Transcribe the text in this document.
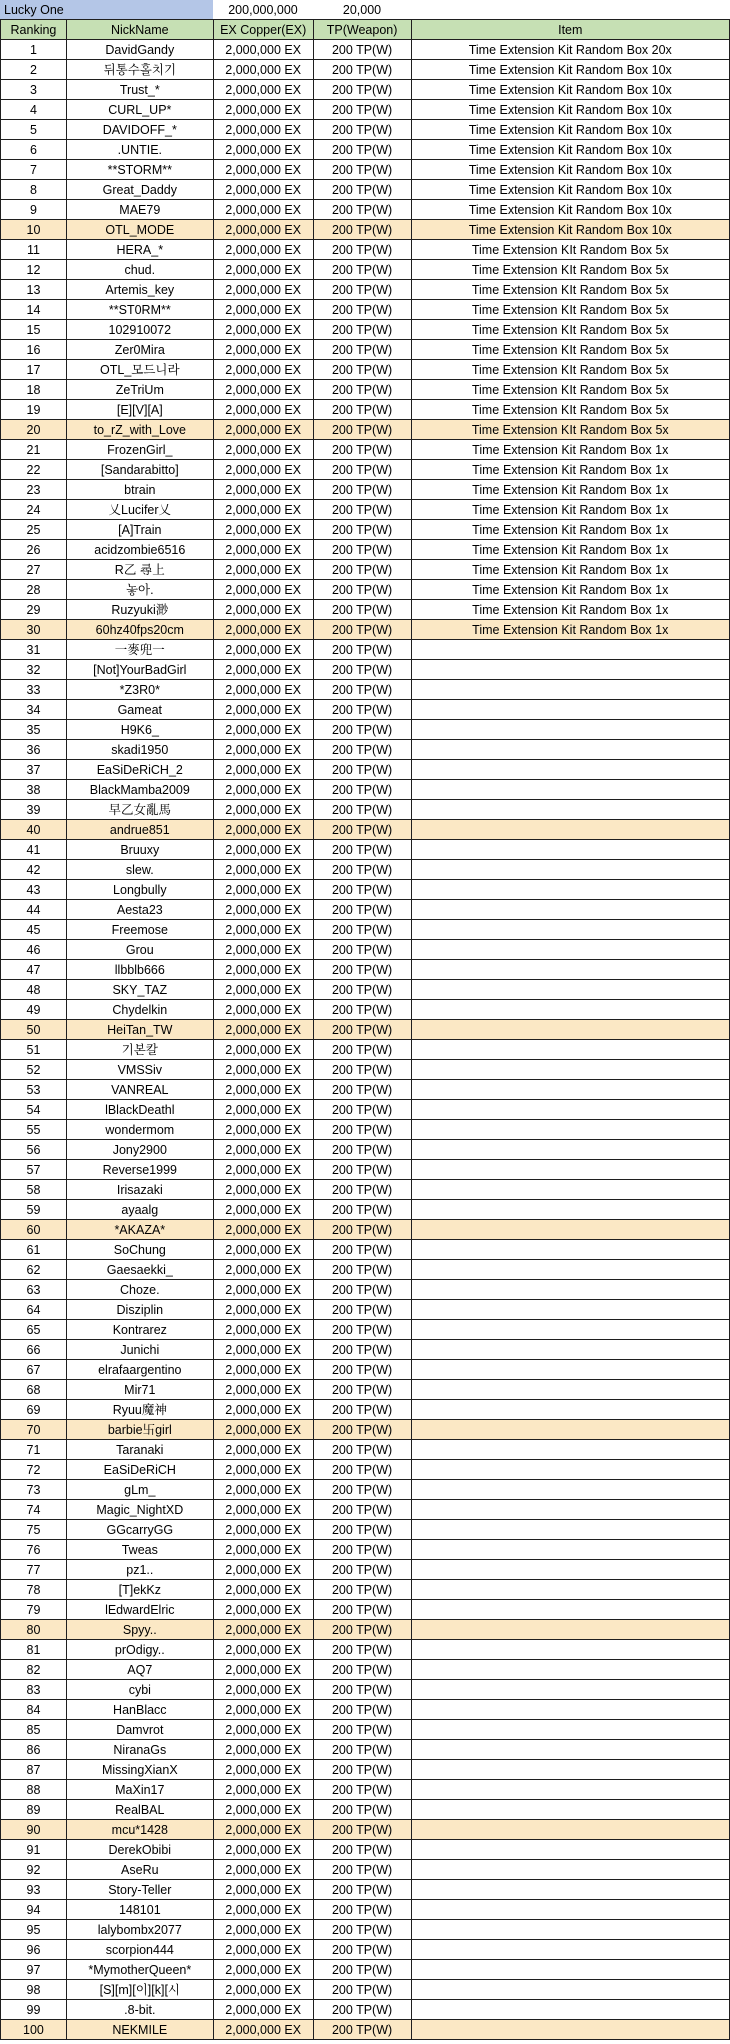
Lucky One	200,000,000	20,000	
Ranking	NickName	EX Copper(EX)	TP(Weapon)	Item
1	DavidGandy	2,000,000 EX	200 TP(W)	Time Extension Kit Random Box 20x
2	뒤통수홀치기	2,000,000 EX	200 TP(W)	Time Extension Kit Random Box 10x
3	Trust_*	2,000,000 EX	200 TP(W)	Time Extension Kit Random Box 10x
4	CURL_UP*	2,000,000 EX	200 TP(W)	Time Extension Kit Random Box 10x
5	DAVIDOFF_*	2,000,000 EX	200 TP(W)	Time Extension Kit Random Box 10x
6	.UNTIE.	2,000,000 EX	200 TP(W)	Time Extension Kit Random Box 10x
7	**STORM**	2,000,000 EX	200 TP(W)	Time Extension Kit Random Box 10x
8	Great_Daddy	2,000,000 EX	200 TP(W)	Time Extension Kit Random Box 10x
9	MAE79	2,000,000 EX	200 TP(W)	Time Extension Kit Random Box 10x
10	OTL_MODE	2,000,000 EX	200 TP(W)	Time Extension Kit Random Box 10x
11	HERA_*	2,000,000 EX	200 TP(W)	Time Extension KIt Random Box 5x
12	chud.	2,000,000 EX	200 TP(W)	Time Extension KIt Random Box 5x
13	Artemis_key	2,000,000 EX	200 TP(W)	Time Extension KIt Random Box 5x
14	**ST0RM**	2,000,000 EX	200 TP(W)	Time Extension KIt Random Box 5x
15	102910072	2,000,000 EX	200 TP(W)	Time Extension KIt Random Box 5x
16	Zer0Mira	2,000,000 EX	200 TP(W)	Time Extension KIt Random Box 5x
17	OTL_모드니라	2,000,000 EX	200 TP(W)	Time Extension KIt Random Box 5x
18	ZeTriUm	2,000,000 EX	200 TP(W)	Time Extension KIt Random Box 5x
19	[E][V][A]	2,000,000 EX	200 TP(W)	Time Extension KIt Random Box 5x
20	to_rZ_with_Love	2,000,000 EX	200 TP(W)	Time Extension KIt Random Box 5x
21	FrozenGirl_	2,000,000 EX	200 TP(W)	Time Extension Kit Random Box 1x
22	[Sandarabitto]	2,000,000 EX	200 TP(W)	Time Extension Kit Random Box 1x
23	btrain	2,000,000 EX	200 TP(W)	Time Extension Kit Random Box 1x
24	乂Lucifer乂	2,000,000 EX	200 TP(W)	Time Extension Kit Random Box 1x
25	[A]Train	2,000,000 EX	200 TP(W)	Time Extension Kit Random Box 1x
26	acidzombie6516	2,000,000 EX	200 TP(W)	Time Extension Kit Random Box 1x
27	R乙 尋上	2,000,000 EX	200 TP(W)	Time Extension Kit Random Box 1x
28	놓아.	2,000,000 EX	200 TP(W)	Time Extension Kit Random Box 1x
29	Ruzyuki渺	2,000,000 EX	200 TP(W)	Time Extension Kit Random Box 1x
30	60hz40fps20cm	2,000,000 EX	200 TP(W)	Time Extension Kit Random Box 1x
31	一麥兜一	2,000,000 EX	200 TP(W)	
32	[Not]YourBadGirl	2,000,000 EX	200 TP(W)	
33	*Z3R0*	2,000,000 EX	200 TP(W)	
34	Gameat	2,000,000 EX	200 TP(W)	
35	H9K6_	2,000,000 EX	200 TP(W)	
36	skadi1950	2,000,000 EX	200 TP(W)	
37	EaSiDeRiCH_2	2,000,000 EX	200 TP(W)	
38	BlackMamba2009	2,000,000 EX	200 TP(W)	
39	早乙女亂馬	2,000,000 EX	200 TP(W)	
40	andrue851	2,000,000 EX	200 TP(W)	
41	Bruuxy	2,000,000 EX	200 TP(W)	
42	slew.	2,000,000 EX	200 TP(W)	
43	Longbully	2,000,000 EX	200 TP(W)	
44	Aesta23	2,000,000 EX	200 TP(W)	
45	Freemose	2,000,000 EX	200 TP(W)	
46	Grou	2,000,000 EX	200 TP(W)	
47	llbblb666	2,000,000 EX	200 TP(W)	
48	SKY_TAZ	2,000,000 EX	200 TP(W)	
49	Chydelkin	2,000,000 EX	200 TP(W)	
50	HeiTan_TW	2,000,000 EX	200 TP(W)	
51	기본칼	2,000,000 EX	200 TP(W)	
52	VMSSiv	2,000,000 EX	200 TP(W)	
53	VANREAL	2,000,000 EX	200 TP(W)	
54	lBlackDeathl	2,000,000 EX	200 TP(W)	
55	wondermom	2,000,000 EX	200 TP(W)	
56	Jony2900	2,000,000 EX	200 TP(W)	
57	Reverse1999	2,000,000 EX	200 TP(W)	
58	Irisazaki	2,000,000 EX	200 TP(W)	
59	ayaalg	2,000,000 EX	200 TP(W)	
60	*AKAZA*	2,000,000 EX	200 TP(W)	
61	SoChung	2,000,000 EX	200 TP(W)	
62	Gaesaekki_	2,000,000 EX	200 TP(W)	
63	Choze.	2,000,000 EX	200 TP(W)	
64	Disziplin	2,000,000 EX	200 TP(W)	
65	Kontrarez	2,000,000 EX	200 TP(W)	
66	Junichi	2,000,000 EX	200 TP(W)	
67	elrafaargentino	2,000,000 EX	200 TP(W)	
68	Mir71	2,000,000 EX	200 TP(W)	
69	Ryuu魔神	2,000,000 EX	200 TP(W)	
70	barbie卐girl	2,000,000 EX	200 TP(W)	
71	Taranaki	2,000,000 EX	200 TP(W)	
72	EaSiDeRiCH	2,000,000 EX	200 TP(W)	
73	gLm_	2,000,000 EX	200 TP(W)	
74	Magic_NightXD	2,000,000 EX	200 TP(W)	
75	GGcarryGG	2,000,000 EX	200 TP(W)	
76	Tweas	2,000,000 EX	200 TP(W)	
77	pz1..	2,000,000 EX	200 TP(W)	
78	[T]ekKz	2,000,000 EX	200 TP(W)	
79	lEdwardElric	2,000,000 EX	200 TP(W)	
80	Spyy..	2,000,000 EX	200 TP(W)	
81	prOdigy..	2,000,000 EX	200 TP(W)	
82	AQ7	2,000,000 EX	200 TP(W)	
83	cybi	2,000,000 EX	200 TP(W)	
84	HanBlacc	2,000,000 EX	200 TP(W)	
85	Damvrot	2,000,000 EX	200 TP(W)	
86	NiranaGs	2,000,000 EX	200 TP(W)	
87	MissingXianX	2,000,000 EX	200 TP(W)	
88	MaXin17	2,000,000 EX	200 TP(W)	
89	RealBAL	2,000,000 EX	200 TP(W)	
90	mcu*1428	2,000,000 EX	200 TP(W)	
91	DerekObibi	2,000,000 EX	200 TP(W)	
92	AseRu	2,000,000 EX	200 TP(W)	
93	Story-Teller	2,000,000 EX	200 TP(W)	
94	148101	2,000,000 EX	200 TP(W)	
95	lalybombx2077	2,000,000 EX	200 TP(W)	
96	scorpion444	2,000,000 EX	200 TP(W)	
97	*MymotherQueen*	2,000,000 EX	200 TP(W)	
98	[S][m][이][k][시	2,000,000 EX	200 TP(W)	
99	.8-bit.	2,000,000 EX	200 TP(W)	
100	NEKMILE	2,000,000 EX	200 TP(W)	
